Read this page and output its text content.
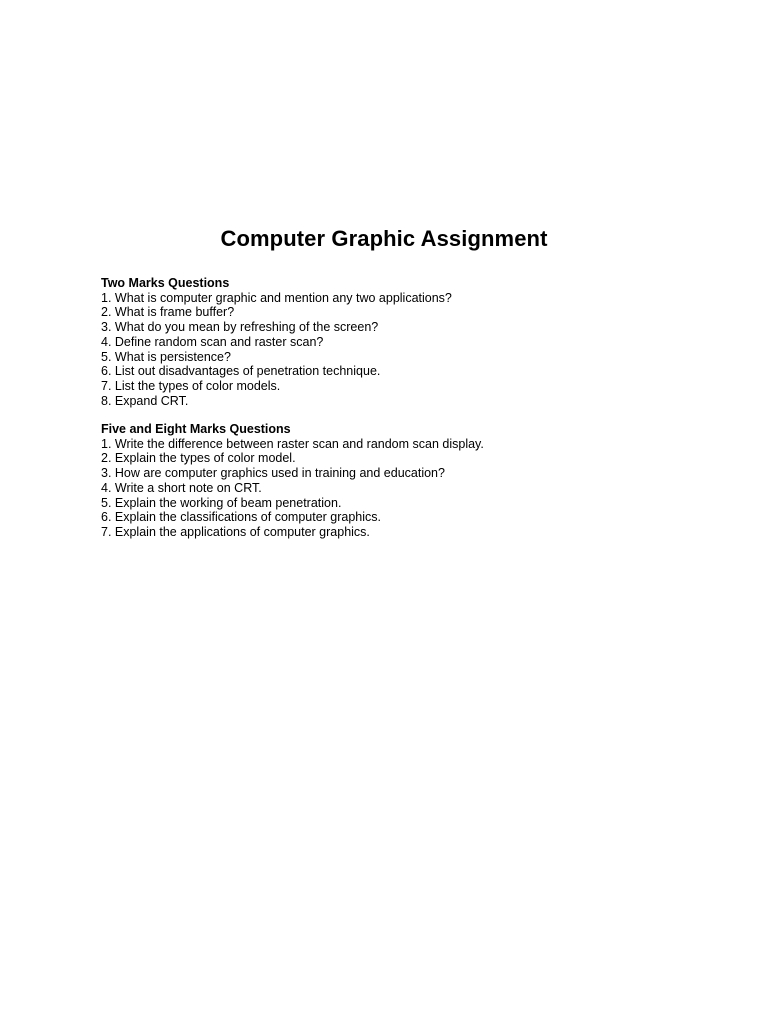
Computer Graphic Assignment
Two Marks Questions
1. What is computer graphic and mention any two applications?
2. What is frame buffer?
3. What do you mean by refreshing of the screen?
4. Define random scan and raster scan?
5. What is persistence?
6. List out disadvantages of penetration technique.
7. List the types of color models.
8. Expand CRT.
Five and Eight Marks Questions
1. Write the difference between raster scan and random scan display.
2. Explain the types of color model.
3. How are computer graphics used in training and education?
4. Write a short note on CRT.
5. Explain the working of beam penetration.
6. Explain the classifications of computer graphics.
7. Explain the applications of computer graphics.
